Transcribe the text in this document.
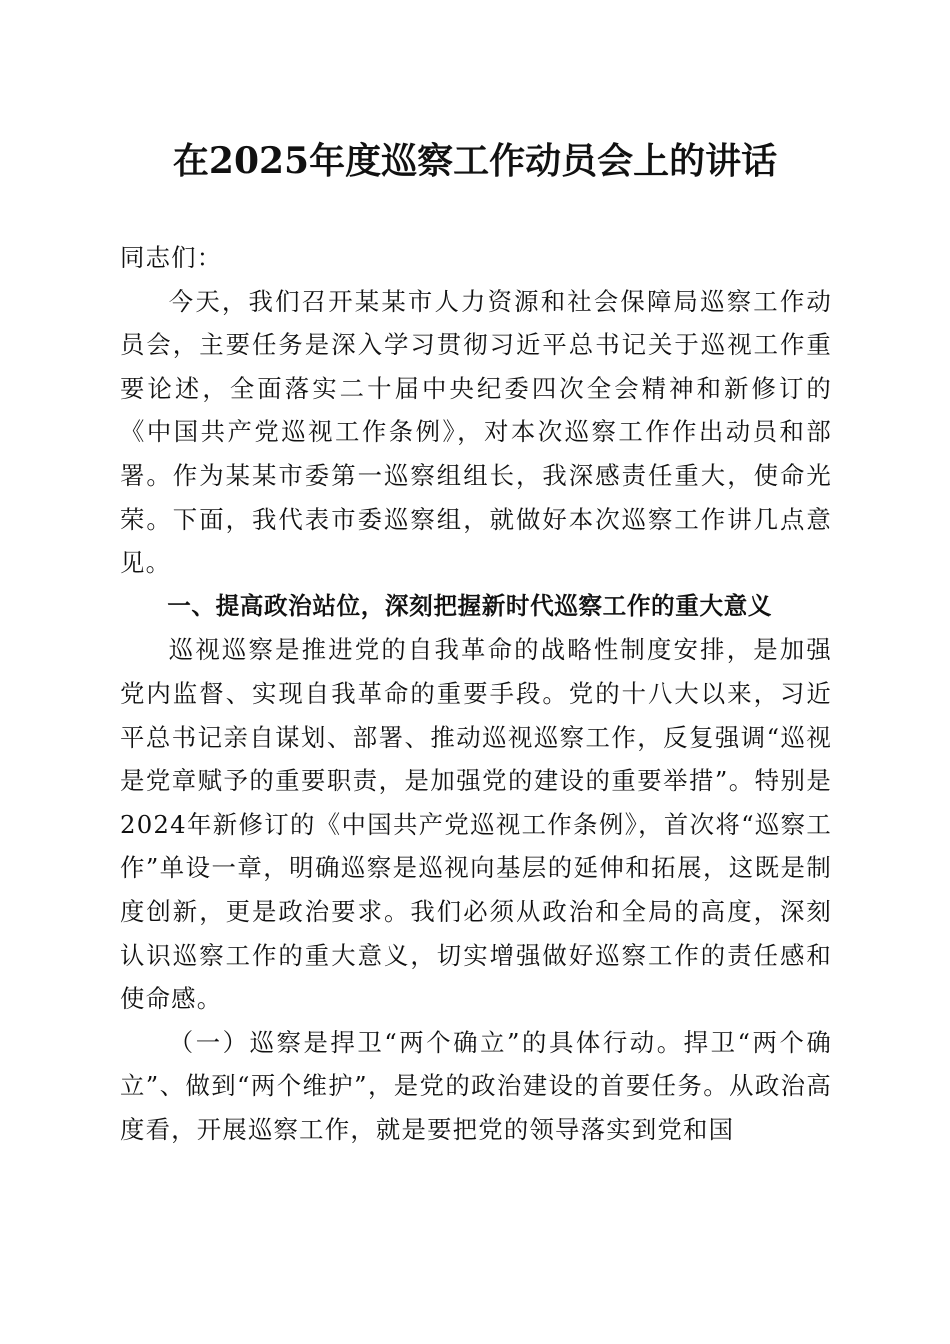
在2025年度巡察工作动员会上的讲话

同志们：

今天，我们召开某某市人力资源和社会保障局巡察工作动员会，主要任务是深入学习贯彻习近平总书记关于巡视工作重要论述，全面落实二十届中央纪委四次全会精神和新修订的《中国共产党巡视工作条例》，对本次巡察工作作出动员和部署。作为某某市委第一巡察组组长，我深感责任重大，使命光荣。下面，我代表市委巡察组，就做好本次巡察工作讲几点意见。

一、提高政治站位，深刻把握新时代巡察工作的重大意义

巡视巡察是推进党的自我革命的战略性制度安排，是加强党内监督、实现自我革命的重要手段。党的十八大以来，习近平总书记亲自谋划、部署、推动巡视巡察工作，反复强调“巡视是党章赋予的重要职责，是加强党的建设的重要举措”。特别是2024年新修订的《中国共产党巡视工作条例》，首次将“巡察工作”单设一章，明确巡察是巡视向基层的延伸和拓展，这既是制度创新，更是政治要求。我们必须从政治和全局的高度，深刻认识巡察工作的重大意义，切实增强做好巡察工作的责任感和使命感。

（一）巡察是捍卫“两个确立”的具体行动。捍卫“两个确立”、做到“两个维护”，是党的政治建设的首要任务。从政治高度看，开展巡察工作，就是要把党的领导落实到党和国
